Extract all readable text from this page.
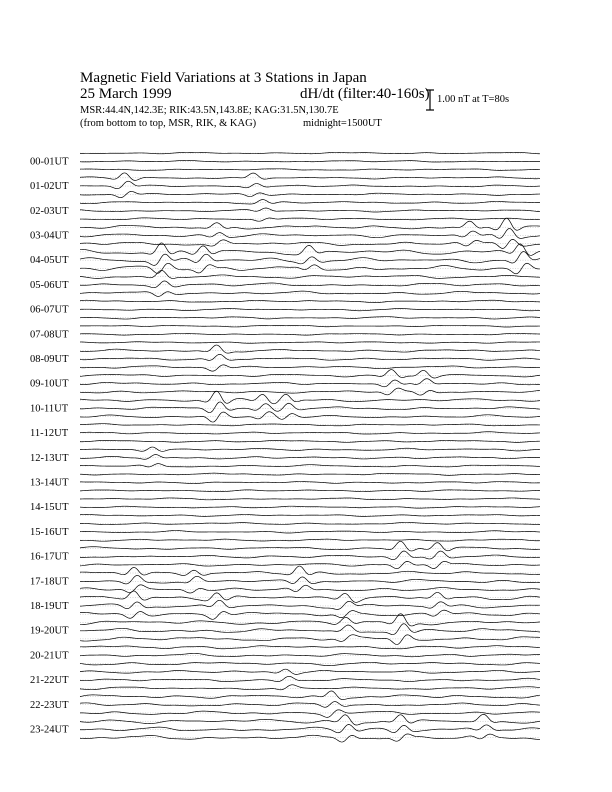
Magnetic Field Variations at 3 Stations in Japan
25 March 1999	dH/dt (filter:40-160s)
MSR:44.4N,142.3E; RIK:43.5N,143.8E; KAG:31.5N,130.7E
(from bottom to top, MSR, RIK, & KAG)	midnight=1500UT
1.00 nT at T=80s
00-01UT
01-02UT
02-03UT
03-04UT
04-05UT
05-06UT
06-07UT
07-08UT
08-09UT
09-10UT
10-11UT
11-12UT
12-13UT
13-14UT
14-15UT
15-16UT
16-17UT
17-18UT
18-19UT
19-20UT
20-21UT
21-22UT
22-23UT
23-24UT
